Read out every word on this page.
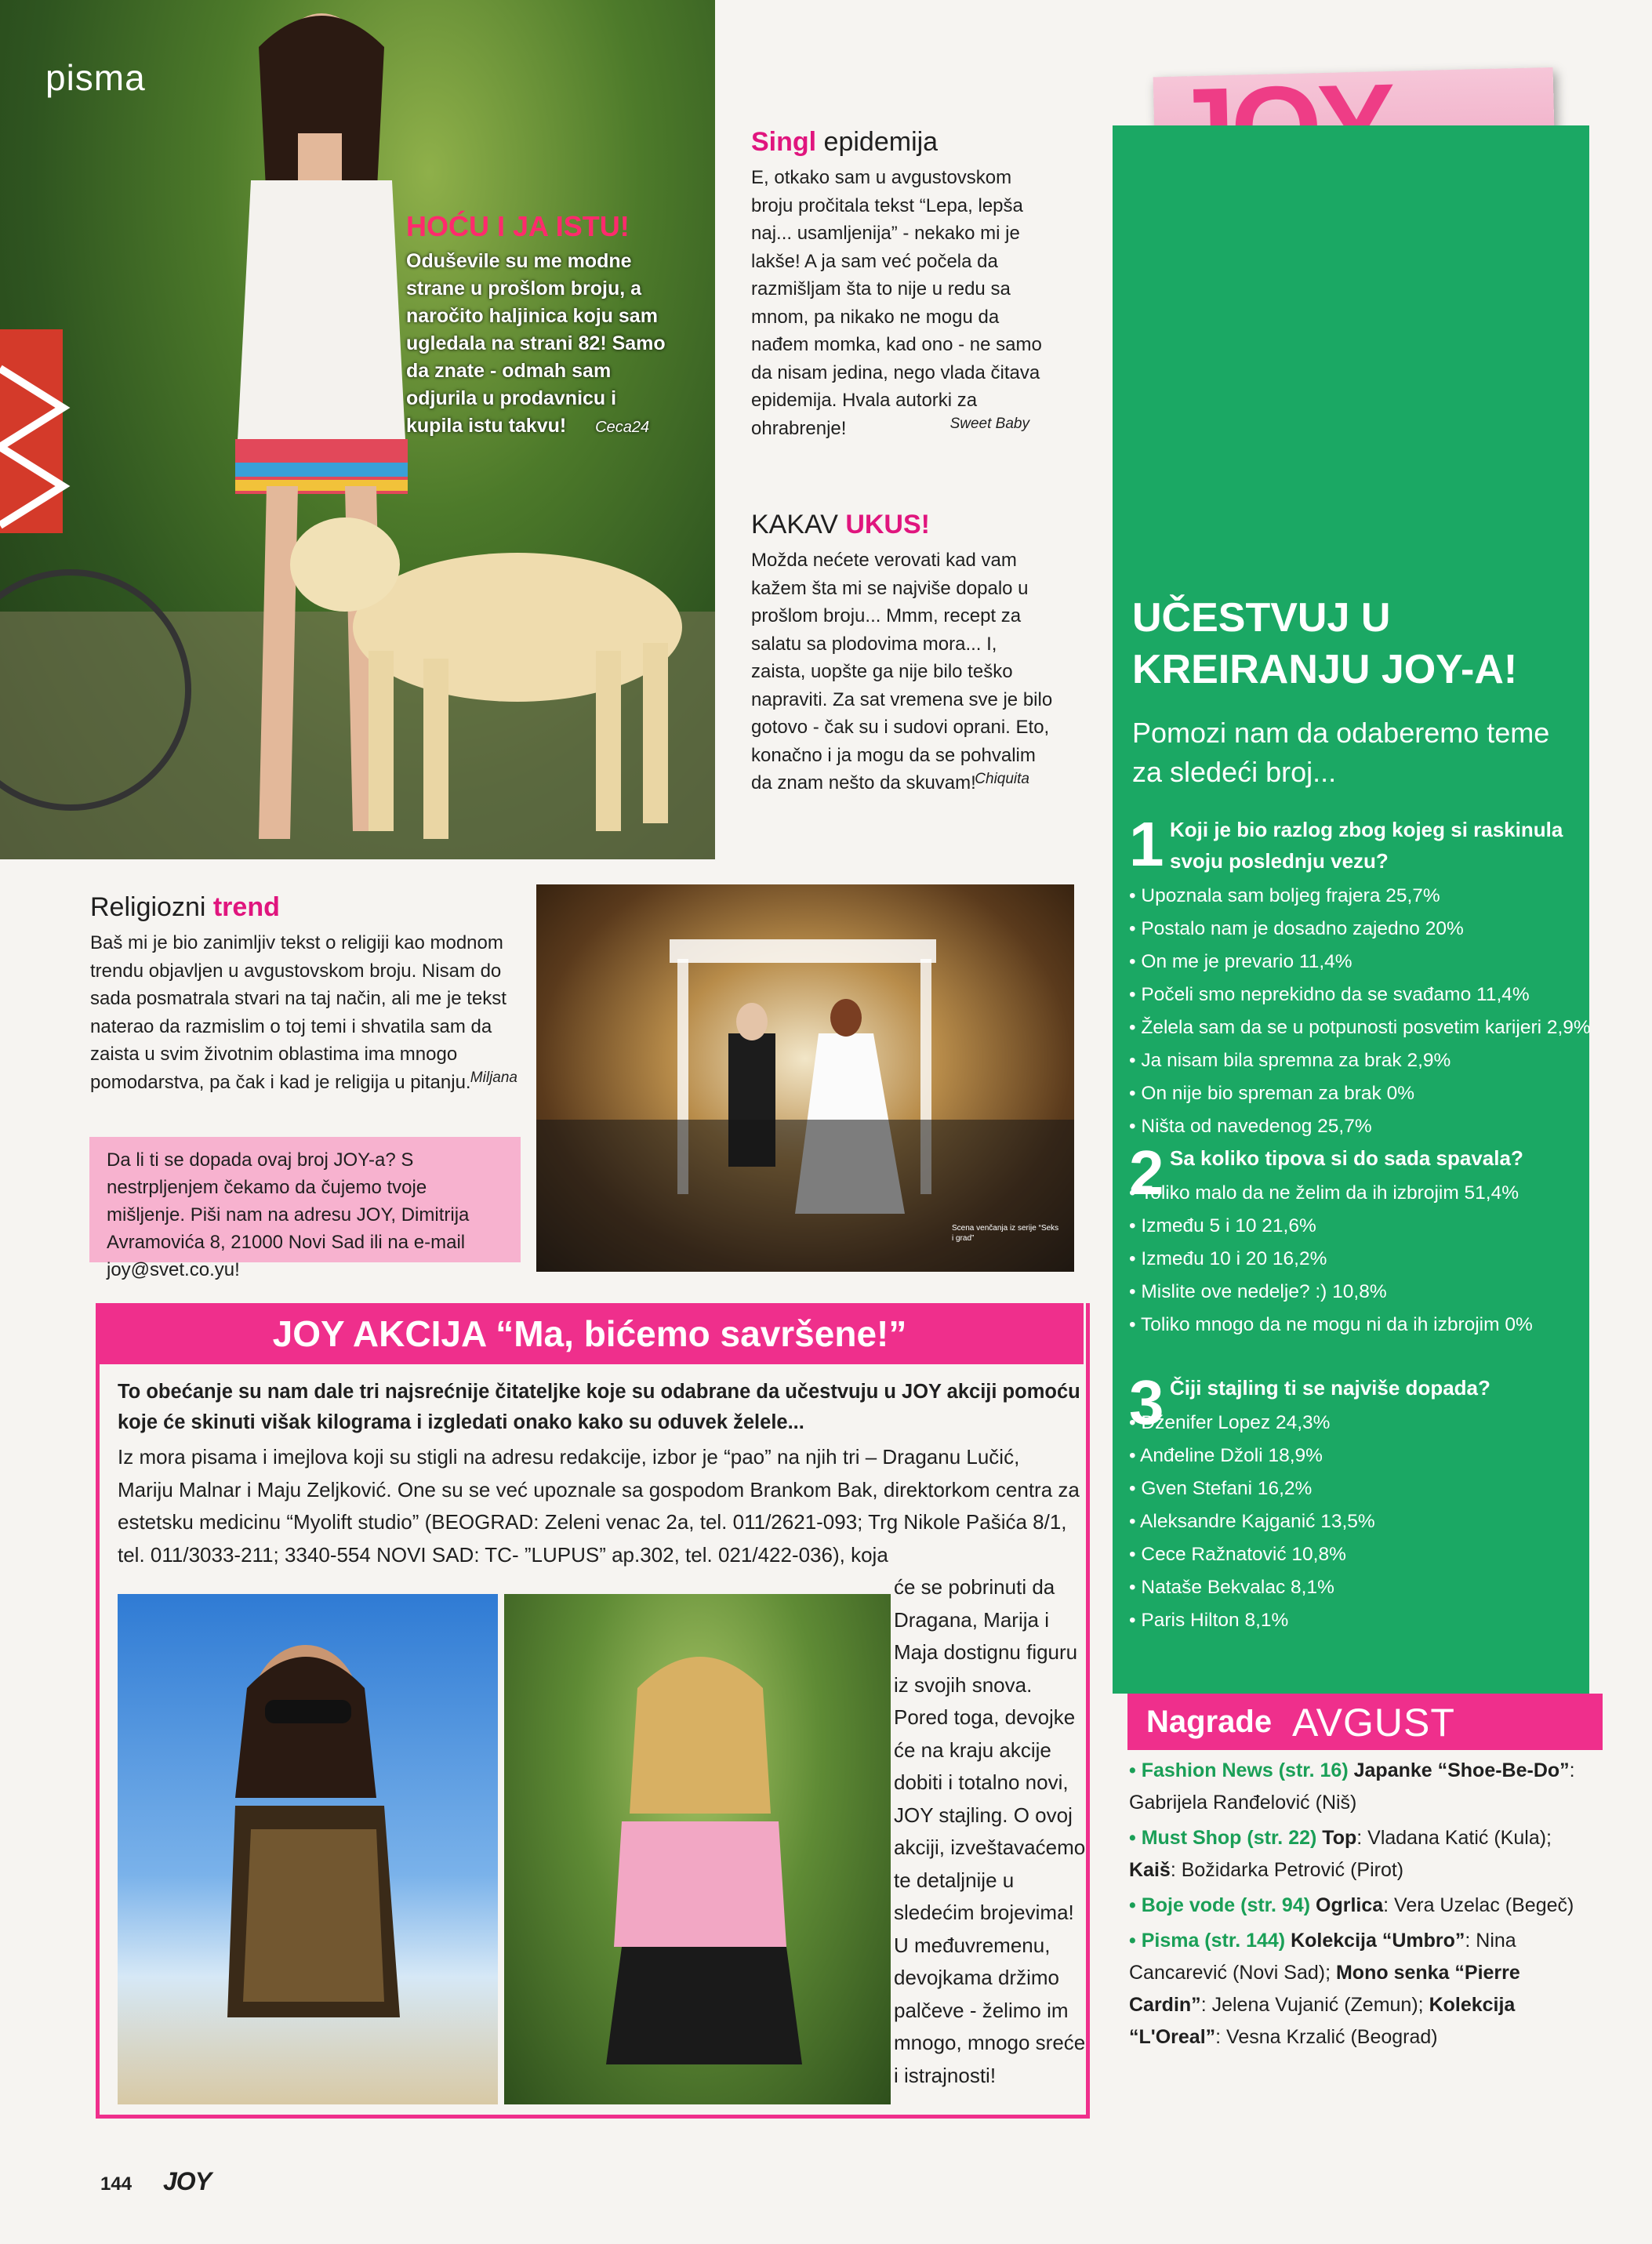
pisma
HOĆU I JA ISTU!
Oduševile su me modne strane u prošlom broju, a naročito haljinica koju sam ugledala na strani 82! Samo da znate - odmah sam odjurila u prodavnicu i kupila istu takvu! Ceca24
Singl epidemija

E, otkako sam u avgustovskom broju pročitala tekst “Lepa, lepša naj... usamljenija” - nekako mi je lakše! A ja sam već počela da razmišljam šta to nije u redu sa mnom, pa nikako ne mogu da nađem momka, kad ono - ne samo da nisam jedina, nego vlada čitava epidemija. Hvala autorki za ohrabrenje!	Sweet Baby
KAKAV UKUS!

Možda nećete verovati kad vam kažem šta mi se najviše dopalo u prošlom broju... Mmm, recept za salatu sa plodovima mora... I, zaista, uopšte ga nije bilo teško napraviti. Za sat vremena sve je bilo gotovo - čak su i sudovi oprani. Eto, konačno i ja mogu da se pohvalim da znam nešto da skuvam!

Chiquita
UČESTVUJ U KREIRANJU JOY-A!
Pomozi nam da odaberemo teme za sledeći broj...
1 Koji je bio razlog zbog kojeg si raskinula svoju poslednju vezu?
• Upoznala sam boljeg frajera 25,7%
• Postalo nam je dosadno zajedno 20%
• On me je prevario 11,4%
• Počeli smo neprekidno da se svađamo 11,4%
• Želela sam da se u potpunosti posvetim karijeri 2,9%
• Ja nisam bila spremna za brak 2,9%
• On nije bio spreman za brak 0%
• Ništa od navedenog 25,7%
2 Sa koliko tipova si do sada spavala?
• Toliko malo da ne želim da ih izbrojim 51,4%
• Između 5 i 10 21,6%
• Između 10 i 20 16,2%
• Mislite ove nedelje? :) 10,8%
• Toliko mnogo da ne mogu ni da ih izbrojim 0%
3 Čiji stajling ti se najviše dopada?
• Dženifer Lopez 24,3%
• Anđeline Džoli 18,9%
• Gven Stefani 16,2%
• Aleksandre Kajganić 13,5%
• Cece Ražnatović 10,8%
• Nataše Bekvalac 8,1%
• Paris Hilton 8,1%
Nagrade AVGUST

• Fashion News (str. 16) Japanke “Shoe-Be-Do”: Gabrijela Ranđelović (Niš)

• Must Shop (str. 22) Top: Vladana Katić (Kula); Kaiš: Božidarka Petrović (Pirot)

• Boje vode (str. 94) Ogrlica: Vera Uzelac (Begeč)

• Pisma (str. 144) Kolekcija “Umbro”: Nina Cancarević (Novi Sad); Mono senka “Pierre Cardin”: Jelena Vujanić (Zemun); Kolekcija “L'Oreal”: Vesna Krzalić (Beograd)

Religiozni trend

Baš mi je bio zanimljiv tekst o religiji kao modnom trendu objavljen u avgustovskom broju. Nisam do sada posmatrala stvari na taj način, ali me je tekst naterao da razmislim o toj temi i shvatila sam da zaista u svim životnim oblastima ima mnogo pomodarstva, pa čak i kad je religija u pitanju. Miljana

Da li ti se dopada ovaj broj JOY-a? S nestrpljenjem čekamo da čujemo tvoje mišljenje. Piši nam na adresu JOY, Dimitrija Avramovića 8, 21000 Novi Sad ili na e-mail joy@svet.co.yu!

Scena venčanja iz serije “Seks i grad”
JOY AKCIJA “Ma, bićemo savršene!”
To obećanje su nam dale tri najsrećnije čitateljke koje su odabrane da učestvuju u JOY akciji pomoću koje će skinuti višak kilograma i izgledati onako kako su oduvek želele...
Iz mora pisama i imejlova koji su stigli na adresu redakcije, izbor je “pao” na njih tri – Draganu Lučić, Mariju Malnar i Maju Zeljković. One su se već upoznale sa gospodom Brankom Bak, direktorkom centra za estetsku medicinu “Myolift studio” (BEOGRAD: Zeleni venac 2a, tel. 011/2621-093; Trg Nikole Pašića 8/1, tel. 011/3033-211; 3340-554 NOVI SAD: TC- ”LUPUS” ap.302, tel. 021/422-036), koja
će se pobrinuti da Dragana, Marija i Maja dostignu figuru iz svojih snova. Pored toga, devojke će na kraju akcije dobiti i totalno novi, JOY stajling. O ovoj akciji, izveštavaćemo te detaljnije u sledećim brojevima! U međuvremenu, devojkama držimo palčeve - želimo im mnogo, mnogo sreće i istrajnosti!
144 JOY
